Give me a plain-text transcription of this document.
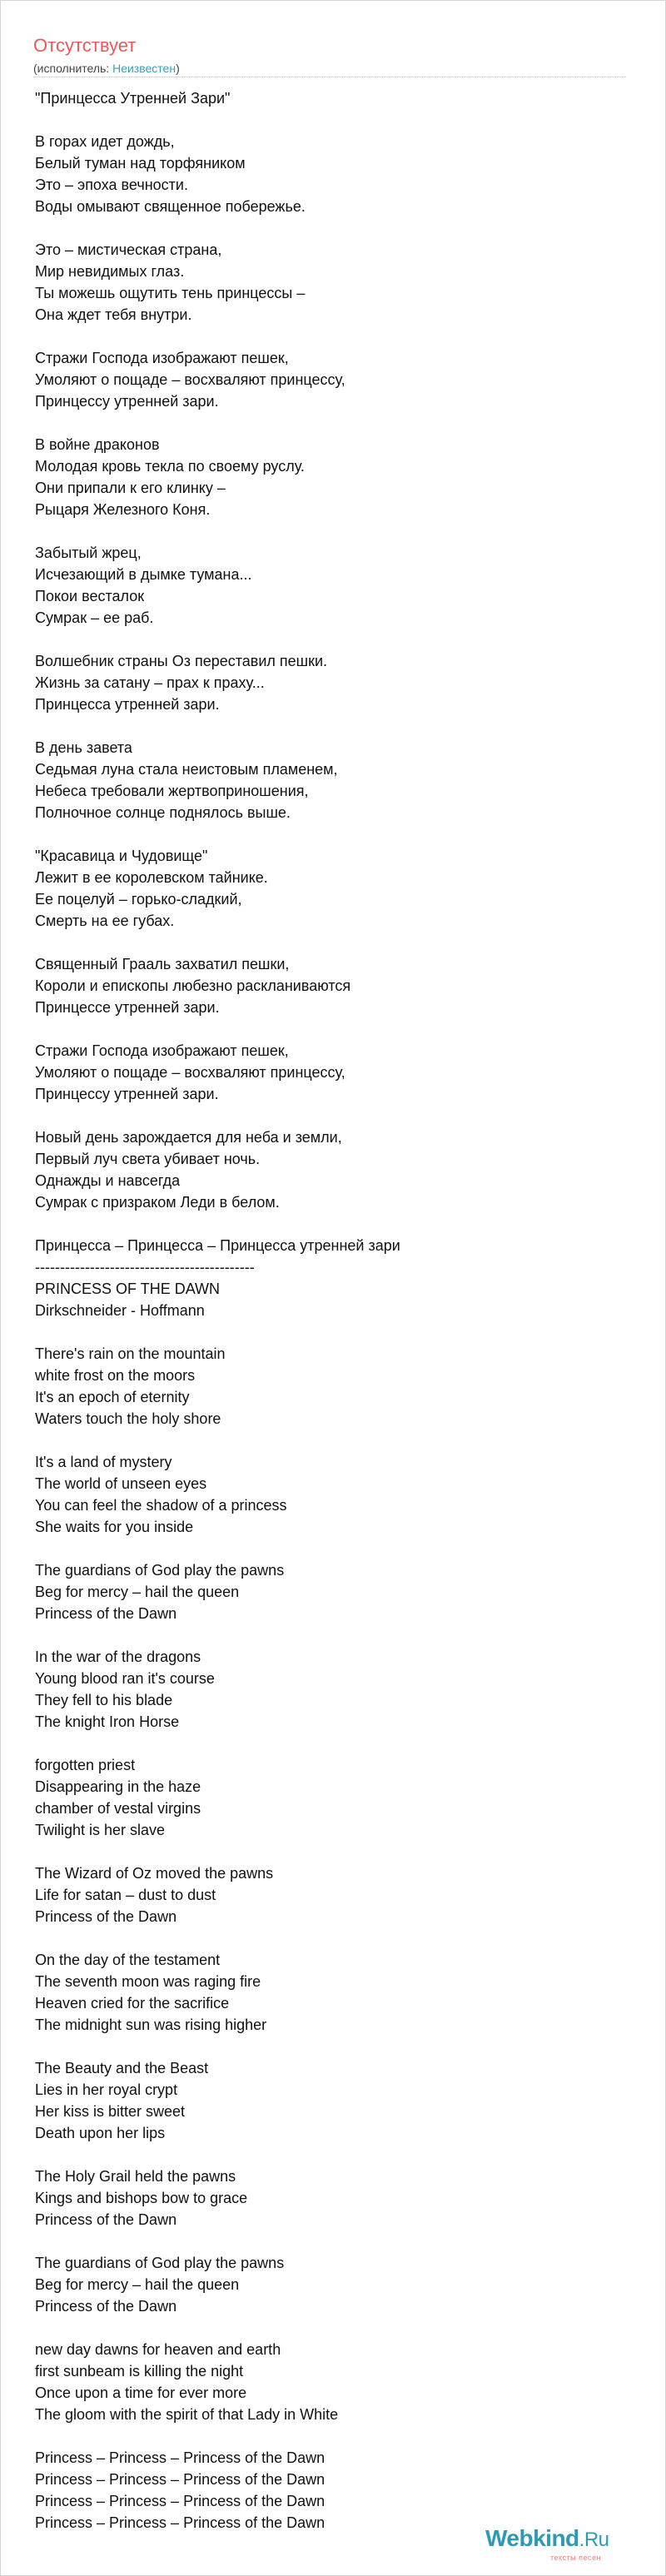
Отсутствует
(исполнитель: Неизвестен)
"Принцесса Утренней Зари"
В горах идет дождь,
Белый туман над торфяником
Это – эпоха вечности.
Воды омывают священное побережье.
Это – мистическая страна,
Мир невидимых глаз.
Ты можешь ощутить тень принцессы –
Она ждет тебя внутри.
Стражи Господа изображают пешек,
Умоляют о пощаде – восхваляют принцессу,
Принцессу утренней зари.
В войне драконов
Молодая кровь текла по своему руслу.
Они припали к его клинку –
Рыцаря Железного Коня.
Забытый жрец,
Исчезающий в дымке тумана...
Покои весталок
Сумрак – ее раб.
Волшебник страны Оз переставил пешки.
Жизнь за сатану – прах к праху...
Принцесса утренней зари.
В день завета
Седьмая луна стала неистовым пламенем,
Небеса требовали жертвоприношения,
Полночное солнце поднялось выше.
"Красавица и Чудовище"
Лежит в ее королевском тайнике.
Ее поцелуй – горько-сладкий,
Смерть на ее губах.
Священный Грааль захватил пешки,
Короли и епископы любезно раскланиваются
Принцессе утренней зари.
Стражи Господа изображают пешек,
Умоляют о пощаде – восхваляют принцессу,
Принцессу утренней зари.
Новый день зарождается для неба и земли,
Первый луч света убивает ночь.
Однажды и навсегда
Сумрак с призраком Леди в белом.
Принцесса – Принцесса – Принцесса утренней зари
--------------------------------------------
PRINCESS OF THE DAWN
Dirkschneider - Hoffmann
There's rain on the mountain
white frost on the moors
It's an epoch of eternity
Waters touch the holy shore
It's a land of mystery
The world of unseen eyes
You can feel the shadow of a princess
She waits for you inside
The guardians of God play the pawns
Beg for mercy – hail the queen
Princess of the Dawn
In the war of the dragons
Young blood ran it's course
They fell to his blade
The knight Iron Horse
forgotten priest
Disappearing in the haze
chamber of vestal virgins
Twilight is her slave
The Wizard of Oz moved the pawns
Life for satan – dust to dust
Princess of the Dawn
On the day of the testament
The seventh moon was raging fire
Heaven cried for the sacrifice
The midnight sun was rising higher
The Beauty and the Beast
Lies in her royal crypt
Her kiss is bitter sweet
Death upon her lips
The Holy Grail held the pawns
Kings and bishops bow to grace
Princess of the Dawn
The guardians of God play the pawns
Beg for mercy – hail the queen
Princess of the Dawn
new day dawns for heaven and earth
first sunbeam is killing the night
Once upon a time for ever more
The gloom with the spirit of that Lady in White
Princess – Princess – Princess of the Dawn
Princess – Princess – Princess of the Dawn
Princess – Princess – Princess of the Dawn
Princess – Princess – Princess of the Dawn
Webkind.Ru
тексты песен
